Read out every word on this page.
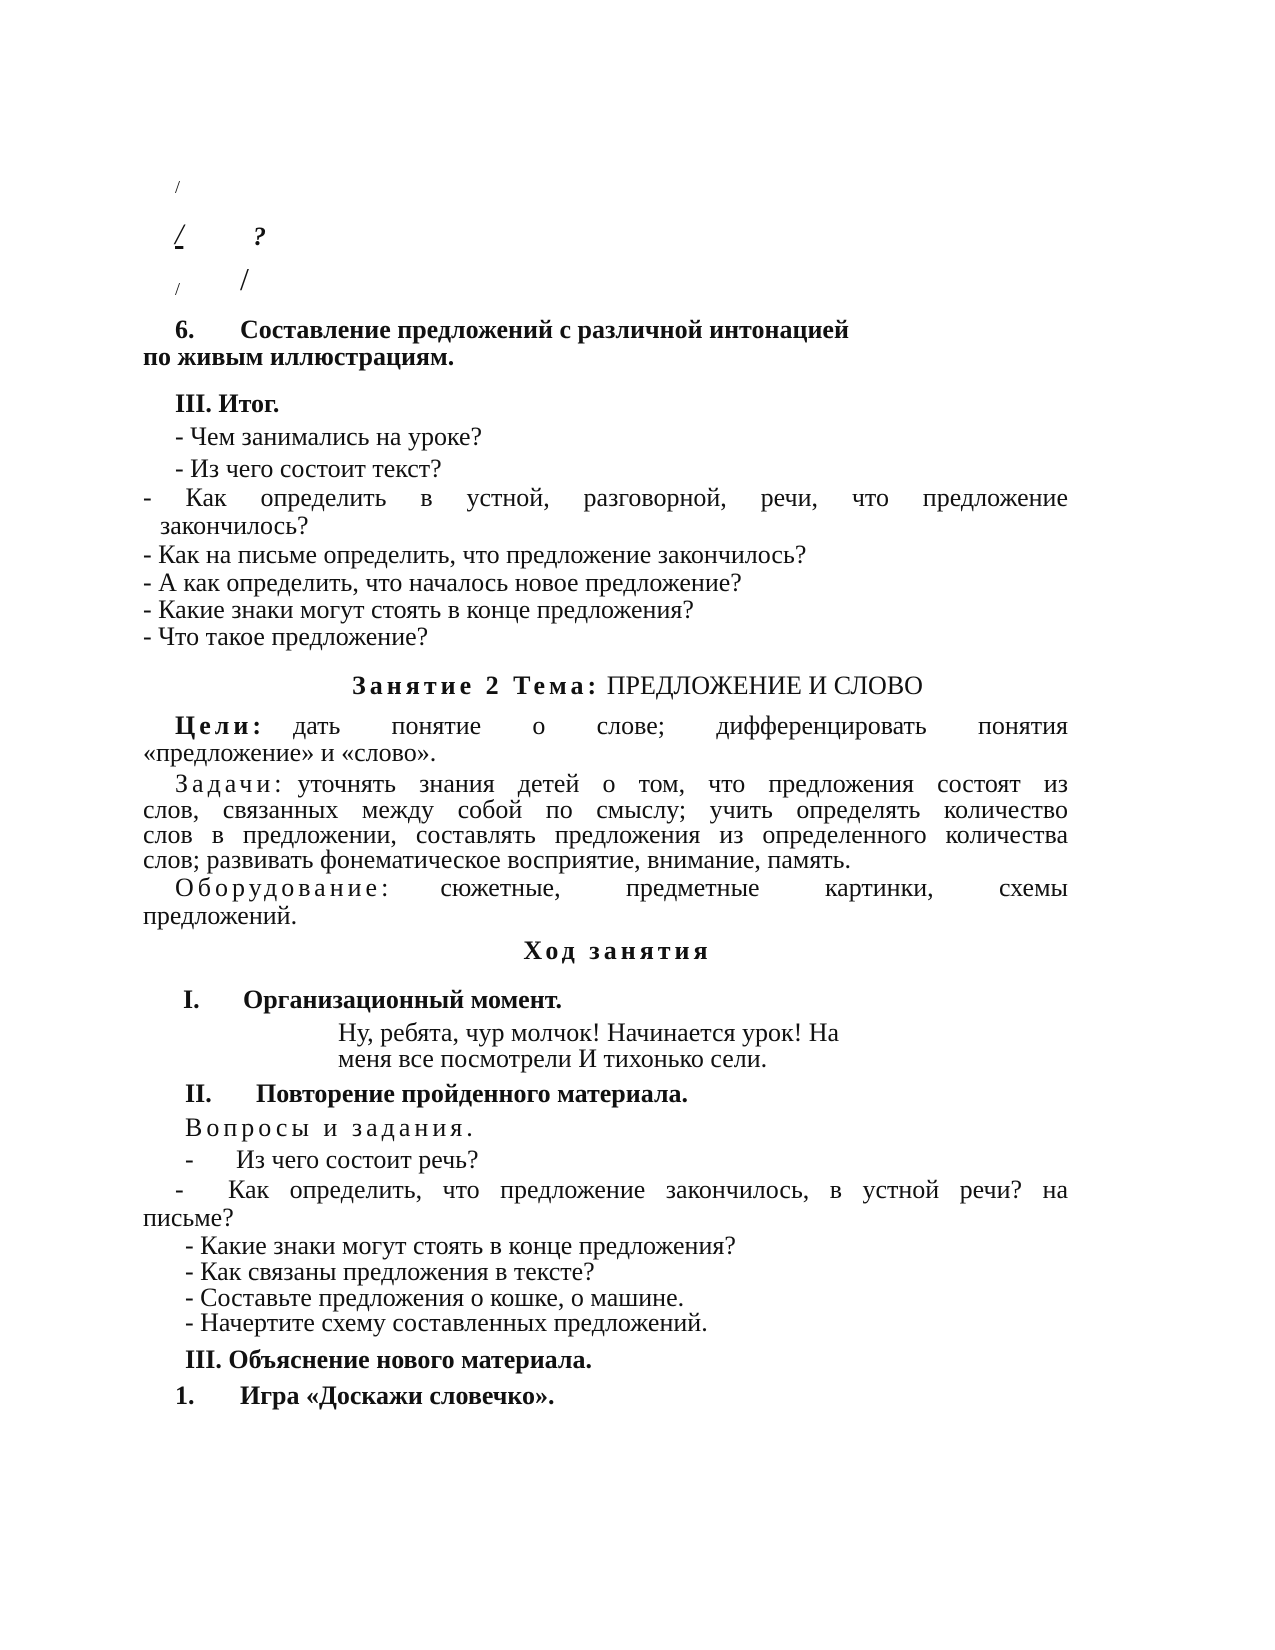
/
/	?
/ /
6. Составление предложений с различной интонацией
по живым иллюстрациям.
III. Итог.
- Чем занимались на уроке?
- Из чего состоит текст?
- Как определить в устной, разговорной, речи, что предложение
закончилось?
- Как на письме определить, что предложение закончилось?
- А как определить, что началось новое предложение?
- Какие знаки могут стоять в конце предложения?
- Что такое предложение?
Занятие 2 Тема: ПРЕДЛОЖЕНИЕ И СЛОВО
Цели: дать понятие о слове; дифференцировать понятия
«предложение» и «слово».
Задачи: уточнять знания детей о том, что предложения состоят из
слов, связанных между собой по смыслу; учить определять количество
слов в предложении, составлять предложения из определенного количества
слов; развивать фонематическое восприятие, внимание, память.
Оборудование: сюжетные, предметные картинки, схемы
предложений.
Ход занятия
I. Организационный момент.
Ну, ребята, чур молчок! Начинается урок! На
меня все посмотрели И тихонько сели.
II. Повторение пройденного материала.
Вопросы и задания.
- Из чего состоит речь?
- Как определить, что предложение закончилось, в устной речи? на
письме?
- Какие знаки могут стоять в конце предложения?
- Как связаны предложения в тексте?
- Составьте предложения о кошке, о машине.
- Начертите схему составленных предложений.
III. Объяснение нового материала.
1. Игра «Доскажи словечко».
